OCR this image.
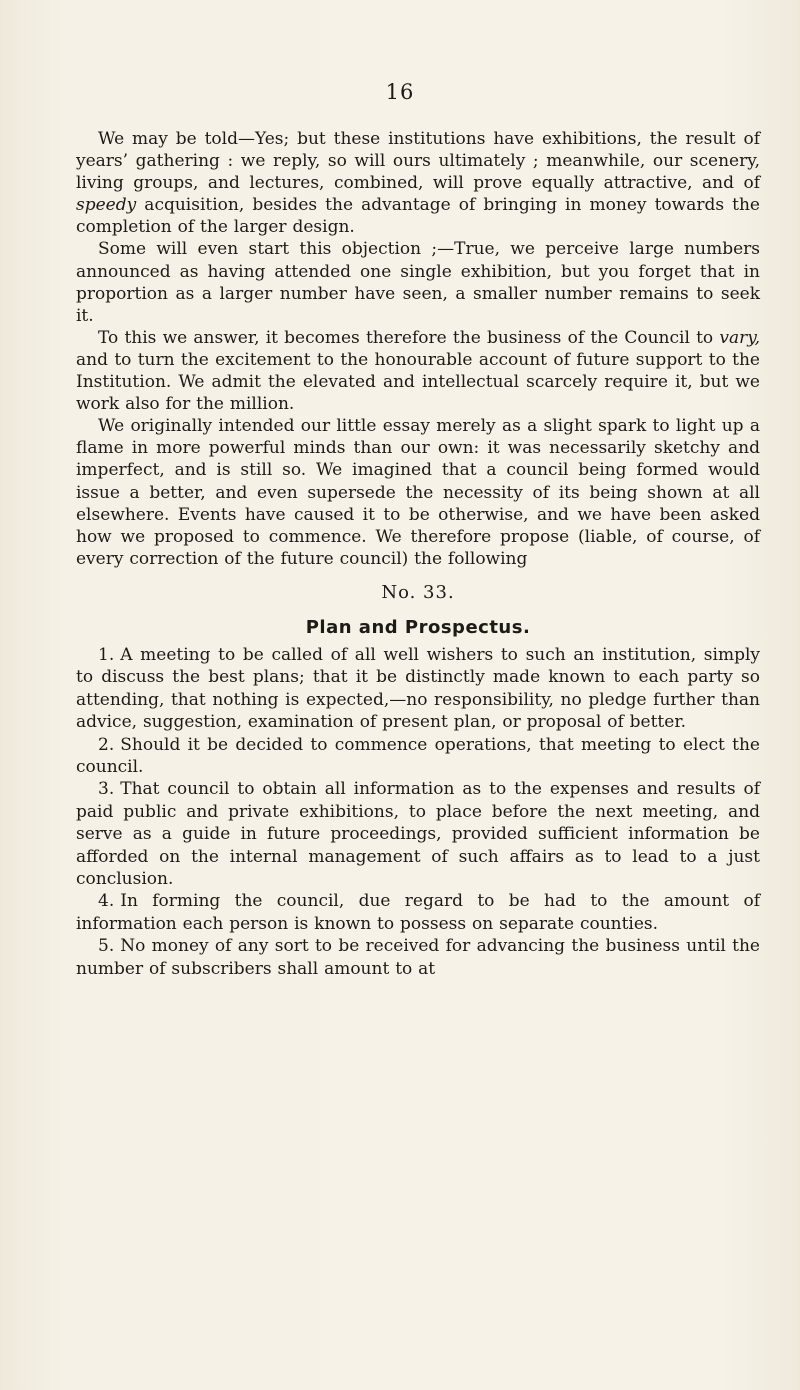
16

We may be told—Yes; but these institutions have exhibitions, the result of years’ gathering : we reply, so will ours ultimately ; meanwhile, our scenery, living groups, and lectures, combined, will prove equally attractive, and of speedy acquisition, besides the advantage of bringing in money towards the completion of the larger design.

Some will even start this objection ;—True, we perceive large numbers announced as having attended one single exhibition, but you forget that in proportion as a larger number have seen, a smaller number remains to seek it.

To this we answer, it becomes therefore the business of the Council to vary, and to turn the excitement to the honourable account of future support to the Institution. We admit the elevated and intellectual scarcely require it, but we work also for the million.

We originally intended our little essay merely as a slight spark to light up a flame in more powerful minds than our own: it was necessarily sketchy and imperfect, and is still so. We imagined that a council being formed would issue a better, and even supersede the necessity of its being shown at all elsewhere. Events have caused it to be otherwise, and we have been asked how we proposed to commence. We therefore propose (liable, of course, of every correction of the future council) the following

No. 33.
Plan and Prospectus.

1. A meeting to be called of all well wishers to such an institution, simply to discuss the best plans; that it be distinctly made known to each party so attending, that nothing is expected,—no responsibility, no pledge further than advice, suggestion, examination of present plan, or proposal of better.

2. Should it be decided to commence operations, that meeting to elect the council.

3. That council to obtain all information as to the expenses and results of paid public and private exhibitions, to place before the next meeting, and serve as a guide in future proceedings, provided sufficient information be afforded on the internal management of such affairs as to lead to a just conclusion.

4. In forming the council, due regard to be had to the amount of information each person is known to possess on separate counties.

5. No money of any sort to be received for advancing the business until the number of subscribers shall amount to at
